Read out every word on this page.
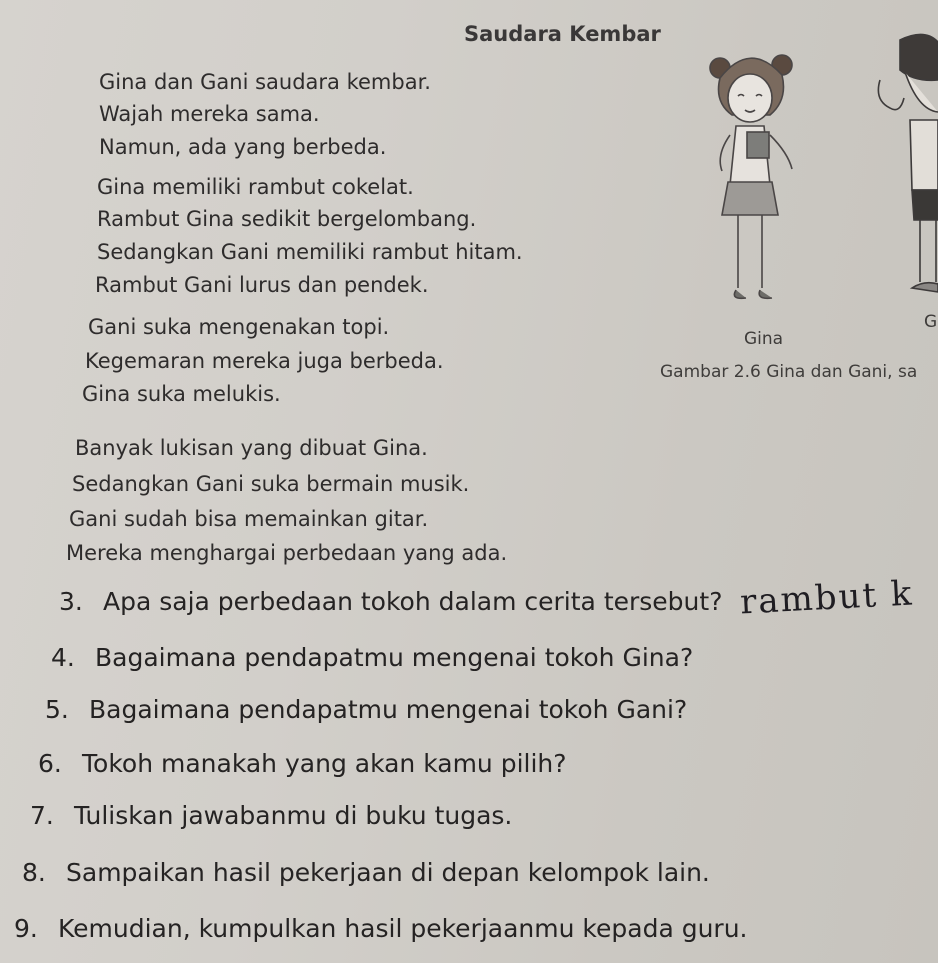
Saudara Kembar
Gina dan Gani saudara kembar.
Wajah mereka sama.
Namun, ada yang berbeda.
Gina memiliki rambut cokelat.
Rambut Gina sedikit bergelombang.
Sedangkan Gani memiliki rambut hitam.
Rambut Gani lurus dan pendek.
Gani suka mengenakan topi.
Kegemaran mereka juga berbeda.
Gina suka melukis.
Banyak lukisan yang dibuat Gina.
Sedangkan Gani suka bermain musik.
Gani sudah bisa memainkan gitar.
Mereka menghargai perbedaan yang ada.
Gina
G
Gambar 2.6 Gina dan Gani, sa
3. Apa saja perbedaan tokoh dalam cerita tersebut?
4. Bagaimana pendapatmu mengenai tokoh Gina?
5. Bagaimana pendapatmu mengenai tokoh Gani?
6. Tokoh manakah yang akan kamu pilih?
7. Tuliskan jawabanmu di buku tugas.
8. Sampaikan hasil pekerjaan di depan kelompok lain.
9. Kemudian, kumpulkan hasil pekerjaanmu kepada guru.
rambut k
